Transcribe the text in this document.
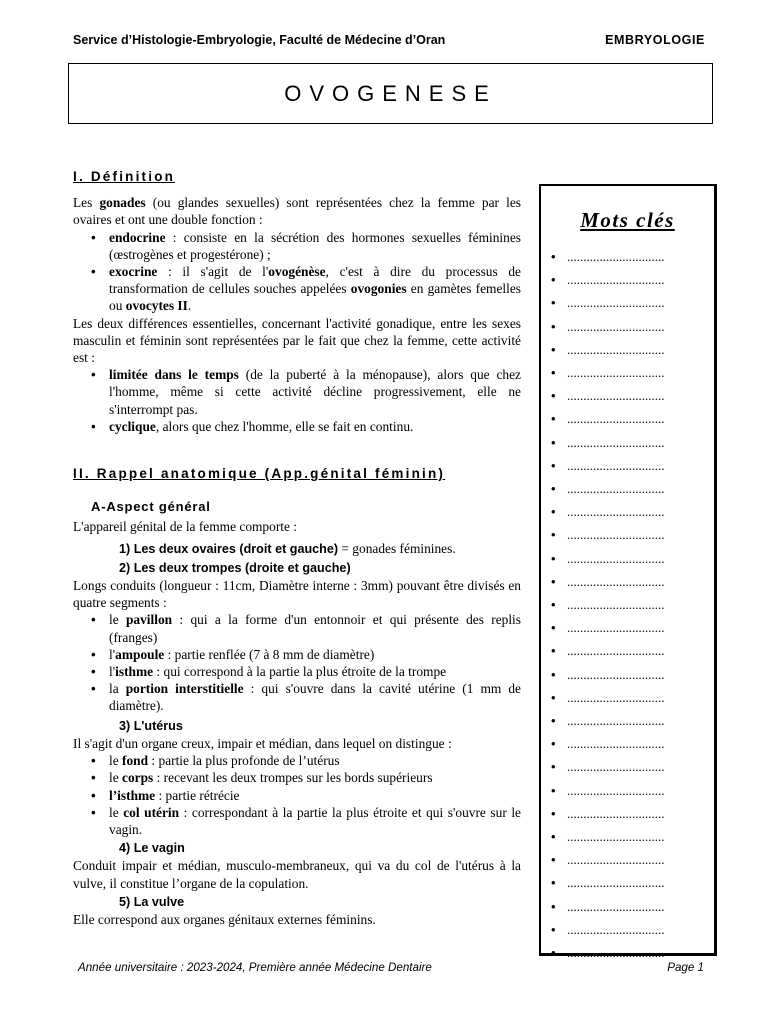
Service d’Histologie-Embryologie, Faculté de Médecine d’Oran	EMBRYOLOGIE
OVOGENESE
I. Définition

Les gonades (ou glandes sexuelles) sont représentées chez la femme par les ovaires et ont une double fonction :

• endocrine : consiste en la sécrétion des hormones sexuelles féminines (œstrogènes et progestérone) ;
• exocrine : il s'agit de l'ovogénèse, c'est à dire du processus de transformation de cellules souches appelées ovogonies en gamètes femelles ou ovocytes II.

Les deux différences essentielles, concernant l'activité gonadique, entre les sexes masculin et féminin sont représentées par le fait que chez la femme, cette activité est :

• limitée dans le temps (de la puberté à la ménopause), alors que chez l'homme, même si cette activité décline progressivement, elle ne s'interrompt pas.
• cyclique, alors que chez l'homme, elle se fait en continu.
II. Rappel anatomique (App.génital féminin)
A-Aspect général

L'appareil génital de la femme comporte :

1) Les deux ovaires (droit et gauche) = gonades féminines.

2) Les deux trompes (droite et gauche)

Longs conduits (longueur : 11cm, Diamètre interne : 3mm) pouvant être divisés en quatre segments :

• le pavillon : qui a la forme d'un entonnoir et qui présente des replis (franges)
• l'ampoule : partie renflée (7 à 8 mm de diamètre)
• l'isthme : qui correspond à la partie la plus étroite de la trompe
• la portion interstitielle : qui s'ouvre dans la cavité utérine (1 mm de diamètre).
3) L'utérus

Il s'agit d'un organe creux, impair et médian, dans lequel on distingue :

• le fond : partie la plus profonde de l’utérus
• le corps : recevant les deux trompes sur les bords supérieurs
• l’isthme : partie rétrécie
• le col utérin : correspondant à la partie la plus étroite et qui s'ouvre sur le vagin.
4) Le vagin

Conduit impair et médian, musculo-membraneux, qui va du col de l'utérus à la vulve, il constitue l’organe de la copulation.

5) La vulve

Elle correspond aux organes génitaux externes féminins.

Mots clés
• ..............................
• ..............................
• ..............................
• ..............................
• ..............................
• ..............................
• ..............................
• ..............................
• ..............................
• ..............................
• ..............................
• ..............................
• ..............................
• ..............................
• ..............................
• ..............................
• ..............................
• ..............................
• ..............................
• ..............................
• ..............................
• ..............................
• ..............................
• ..............................
• ..............................
• ..............................
• ..............................
• ..............................
• ..............................
• ..............................
• ..............................
Année universitaire : 2023-2024, Première année Médecine Dentaire	Page 1
